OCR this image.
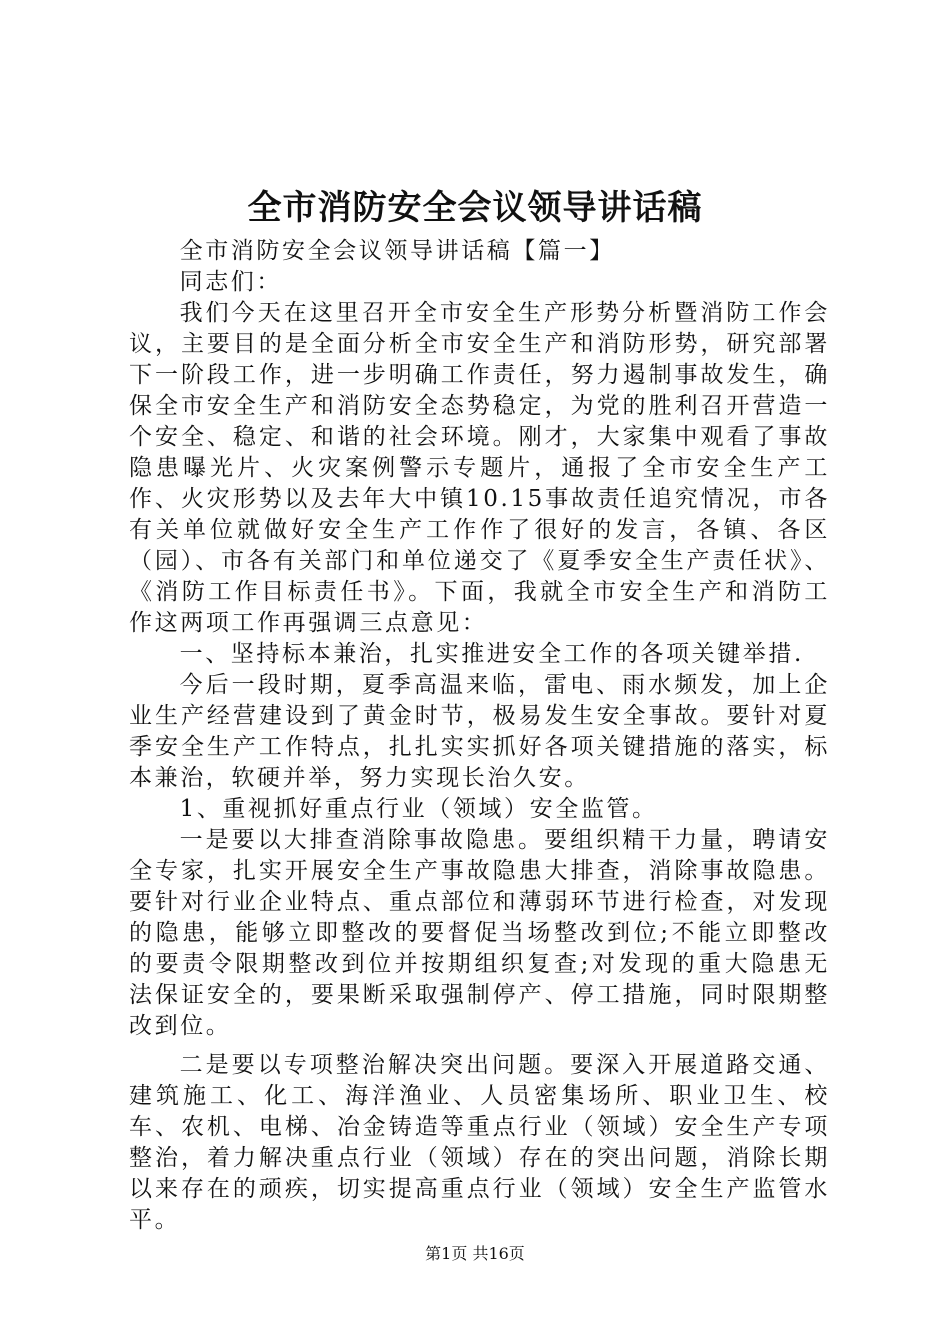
全市消防安全会议领导讲话稿

全市消防安全会议领导讲话稿【篇一】

同志们：

我们今天在这里召开全市安全生产形势分析暨消防工作会议，主要目的是全面分析全市安全生产和消防形势，研究部署下一阶段工作，进一步明确工作责任，努力遏制事故发生，确保全市安全生产和消防安全态势稳定，为党的胜利召开营造一个安全、稳定、和谐的社会环境。刚才，大家集中观看了事故隐患曝光片、火灾案例警示专题片，通报了全市安全生产工作、火灾形势以及去年大中镇10.15事故责任追究情况，市各有关单位就做好安全生产工作作了很好的发言，各镇、各区（园）、市各有关部门和单位递交了《夏季安全生产责任状》、《消防工作目标责任书》。下面，我就全市安全生产和消防工作这两项工作再强调三点意见：

一、坚持标本兼治，扎实推进安全工作的各项关键举措.

今后一段时期，夏季高温来临，雷电、雨水频发，加上企业生产经营建设到了黄金时节，极易发生安全事故。要针对夏季安全生产工作特点，扎扎实实抓好各项关键措施的落实，标本兼治，软硬并举，努力实现长治久安。

1、重视抓好重点行业（领域）安全监管。

一是要以大排查消除事故隐患。要组织精干力量，聘请安全专家，扎实开展安全生产事故隐患大排查，消除事故隐患。要针对行业企业特点、重点部位和薄弱环节进行检查，对发现的隐患，能够立即整改的要督促当场整改到位;不能立即整改的要责令限期整改到位并按期组织复查;对发现的重大隐患无法保证安全的，要果断采取强制停产、停工措施，同时限期整改到位。

二是要以专项整治解决突出问题。要深入开展道路交通、建筑施工、化工、海洋渔业、人员密集场所、职业卫生、校车、农机、电梯、冶金铸造等重点行业（领域）安全生产专项整治，着力解决重点行业（领域）存在的突出问题，消除长期以来存在的顽疾，切实提高重点行业（领域）安全生产监管水平。

第1页 共16页
